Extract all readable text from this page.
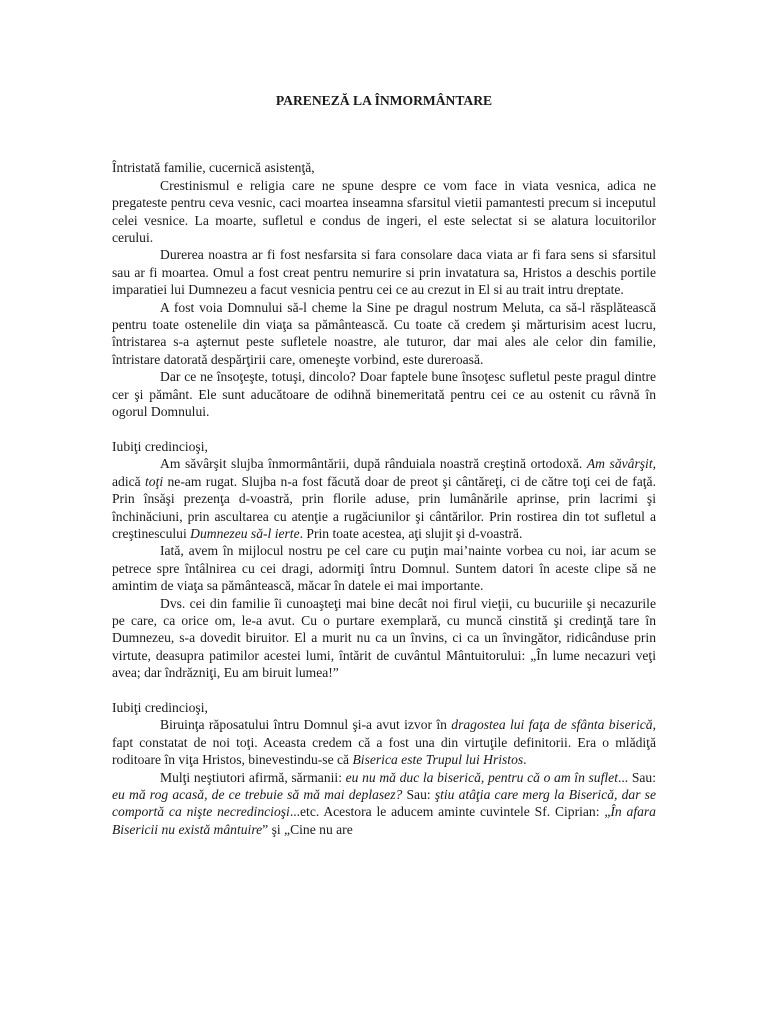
PARENEZĂ LA ÎNMORMÂNTARE

Întristată familie, cucernică asistenţă,

Crestinismul e religia care ne spune despre ce vom face in viata vesnica, adica ne pregateste pentru ceva vesnic, caci moartea inseamna sfarsitul vietii pamantesti precum si inceputul celei vesnice. La moarte, sufletul e condus de ingeri, el este selectat si se alatura locuitorilor cerului.

Durerea noastra ar fi fost nesfarsita si fara consolare daca viata ar fi fara sens si sfarsitul sau ar fi moartea. Omul a fost creat pentru nemurire si prin invatatura sa, Hristos a deschis portile imparatiei lui Dumnezeu a facut vesnicia pentru cei ce au crezut in El si au trait intru dreptate.

A fost voia Domnului să-l cheme la Sine pe dragul nostrum Meluta, ca să-l răsplătească pentru toate ostenelile din viaţa sa pământească. Cu toate că credem şi mărturisim acest lucru, întristarea s-a aşternut peste sufletele noastre, ale tuturor, dar mai ales ale celor din familie, întristare datorată despărţirii care, omeneşte vorbind, este dureroasă.

Dar ce ne însoţeşte, totuşi, dincolo? Doar faptele bune însoţesc sufletul peste pragul dintre cer şi pământ. Ele sunt aducătoare de odihnă binemeritată pentru cei ce au ostenit cu râvnă în ogorul Domnului.

Iubiţi credincioşi,

Am săvârşit slujba înmormântării, după rânduiala noastră creştină ortodoxă. Am săvârşit, adică toţi ne-am rugat. Slujba n-a fost făcută doar de preot şi cântăreţi, ci de către toţi cei de faţă. Prin însăşi prezenţa d-voastră, prin florile aduse, prin lumânările aprinse, prin lacrimi şi închinăciuni, prin ascultarea cu atenţie a rugăciunilor şi cântărilor. Prin rostirea din tot sufletul a creştinescului Dumnezeu să-l ierte. Prin toate acestea, aţi slujit şi d-voastră.

Iată, avem în mijlocul nostru pe cel care cu puţin mai’nainte vorbea cu noi, iar acum se petrece spre întâlnirea cu cei dragi, adormiţi întru Domnul. Suntem datori în aceste clipe să ne amintim de viaţa sa pământească, măcar în datele ei mai importante.

Dvs. cei din familie îi cunoaşteţi mai bine decât noi firul vieţii, cu bucuriile şi necazurile pe care, ca orice om, le-a avut. Cu o purtare exemplară, cu muncă cinstită şi credinţă tare în Dumnezeu, s-a dovedit biruitor. El a murit nu ca un învins, ci ca un învingător, ridicânduse prin virtute, deasupra patimilor acestei lumi, întărit de cuvântul Mântuitorului: „În lume necazuri veţi avea; dar îndrăzniţi, Eu am biruit lumea!”

Iubiţi credincioşi,

Biruinţa răposatului întru Domnul şi-a avut izvor în dragostea lui faţa de sfânta biserică, fapt constatat de noi toţi. Aceasta credem că a fost una din virtuţile definitorii. Era o mlădiţă roditoare în viţa Hristos, binevestindu-se că Biserica este Trupul lui Hristos.

Mulţi neştiutori afirmă, sărmanii: eu nu mă duc la biserică, pentru că o am în suflet... Sau: eu mă rog acasă, de ce trebuie să mă mai deplasez? Sau: ştiu atâţia care merg la Biserică, dar se comportă ca nişte necredincioşi...etc. Acestora le aducem aminte cuvintele Sf. Ciprian: „În afara Bisericii nu există mântuire” şi „Cine nu are
